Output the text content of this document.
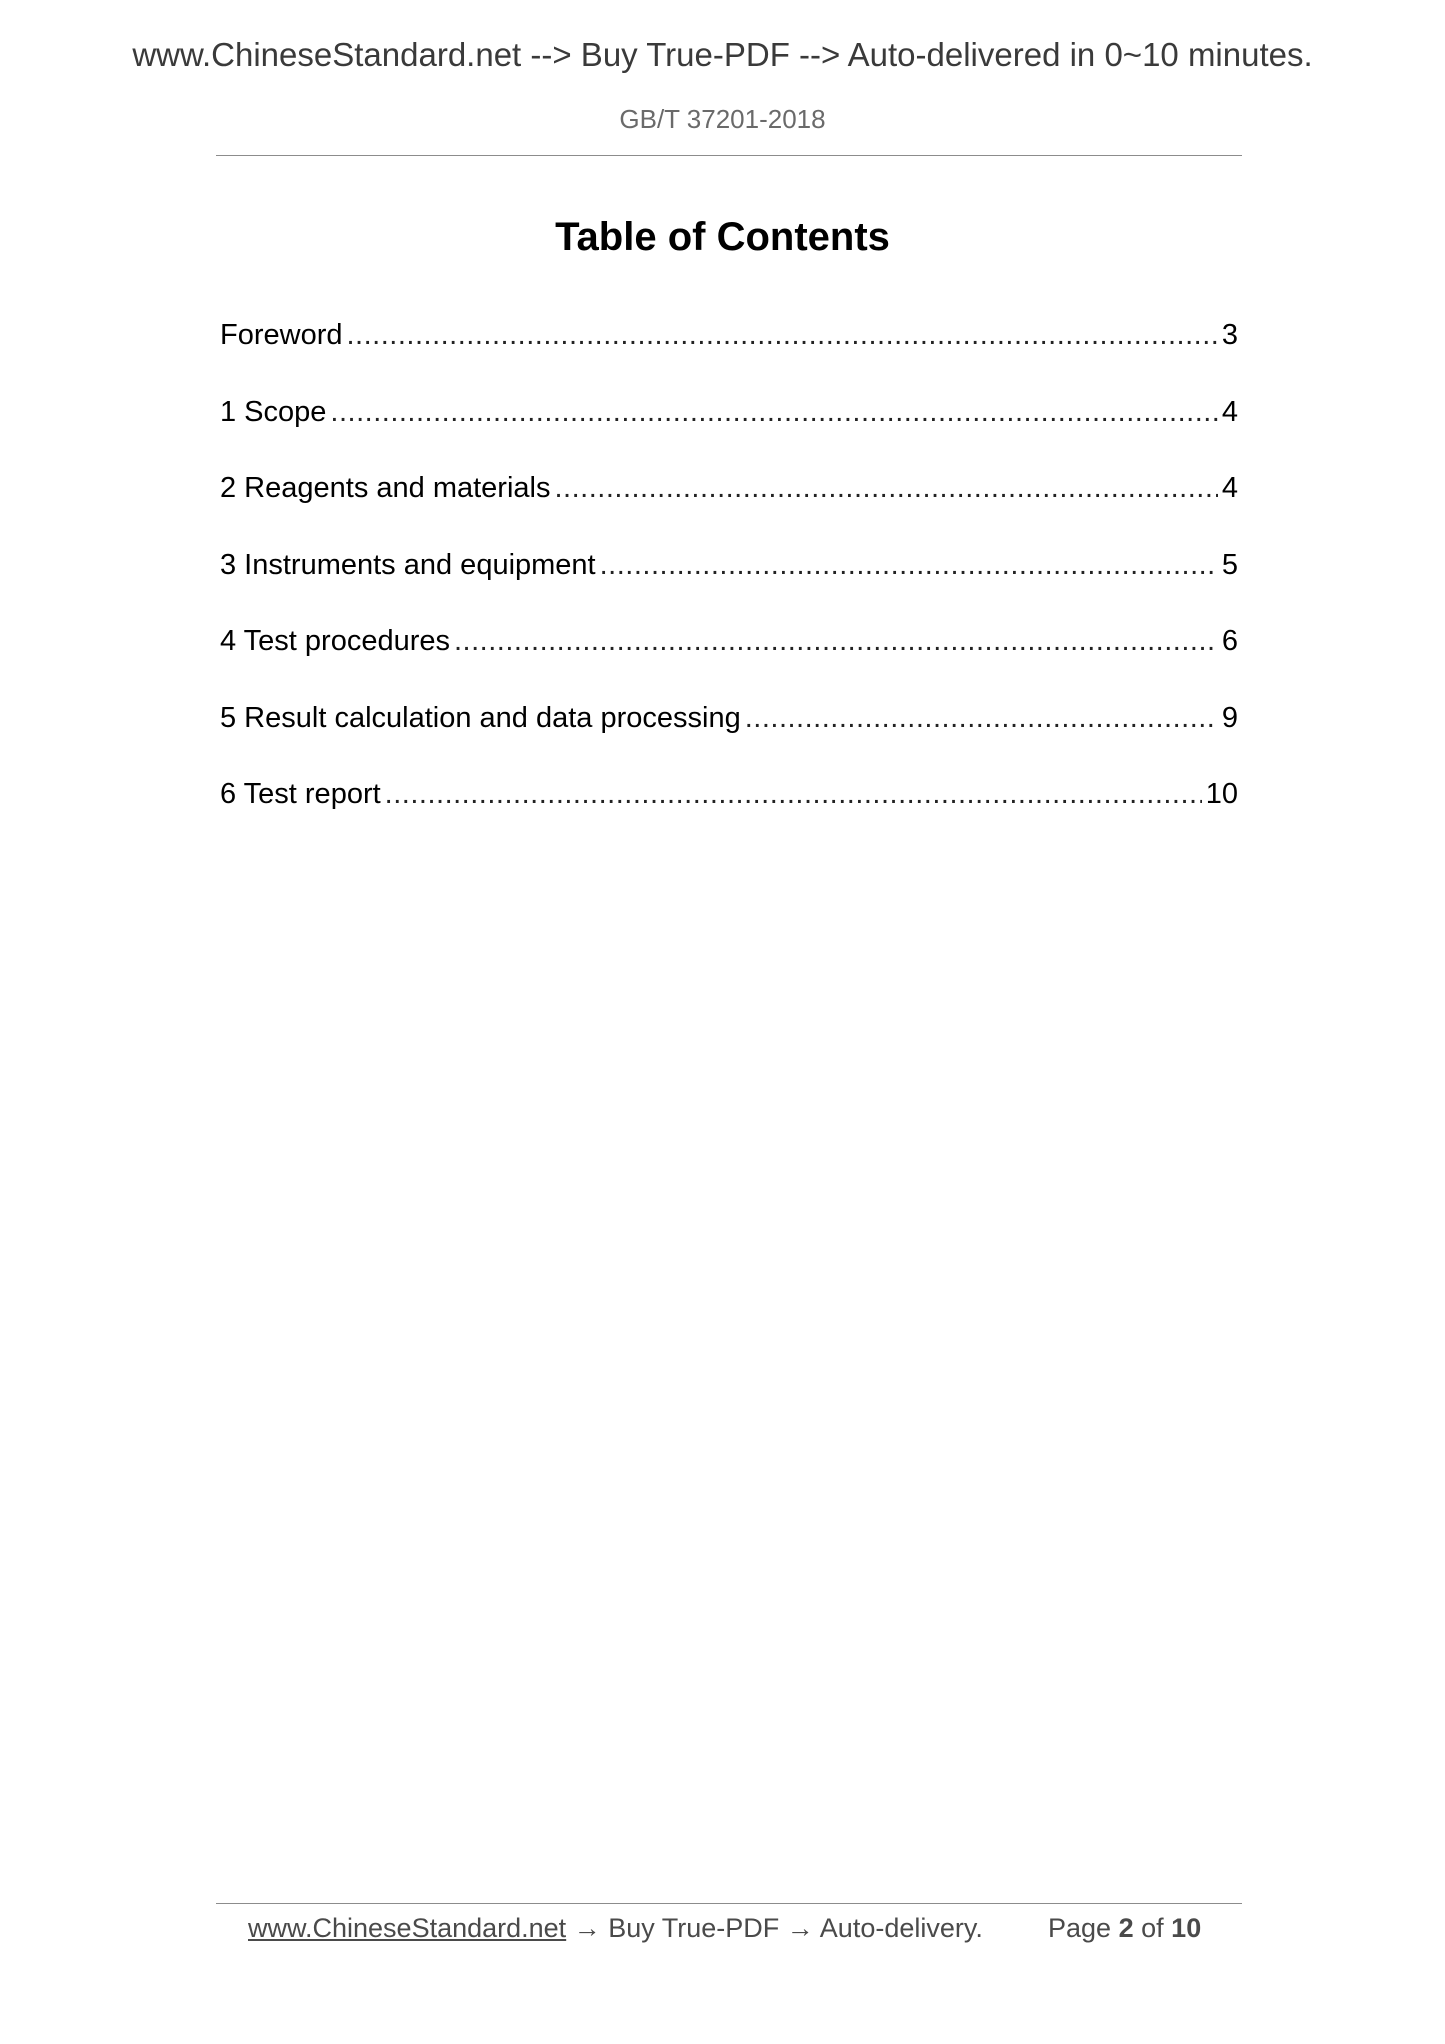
www.ChineseStandard.net --> Buy True-PDF --> Auto-delivered in 0~10 minutes.
GB/T 37201-2018
Table of Contents
Foreword .....	3
1 Scope .....	4
2 Reagents and materials .....	4
3 Instruments and equipment .....	5
4 Test procedures .....	6
5 Result calculation and data processing .....	9
6 Test report .....	10
www.ChineseStandard.net → Buy True-PDF → Auto-delivery. Page 2 of 10
